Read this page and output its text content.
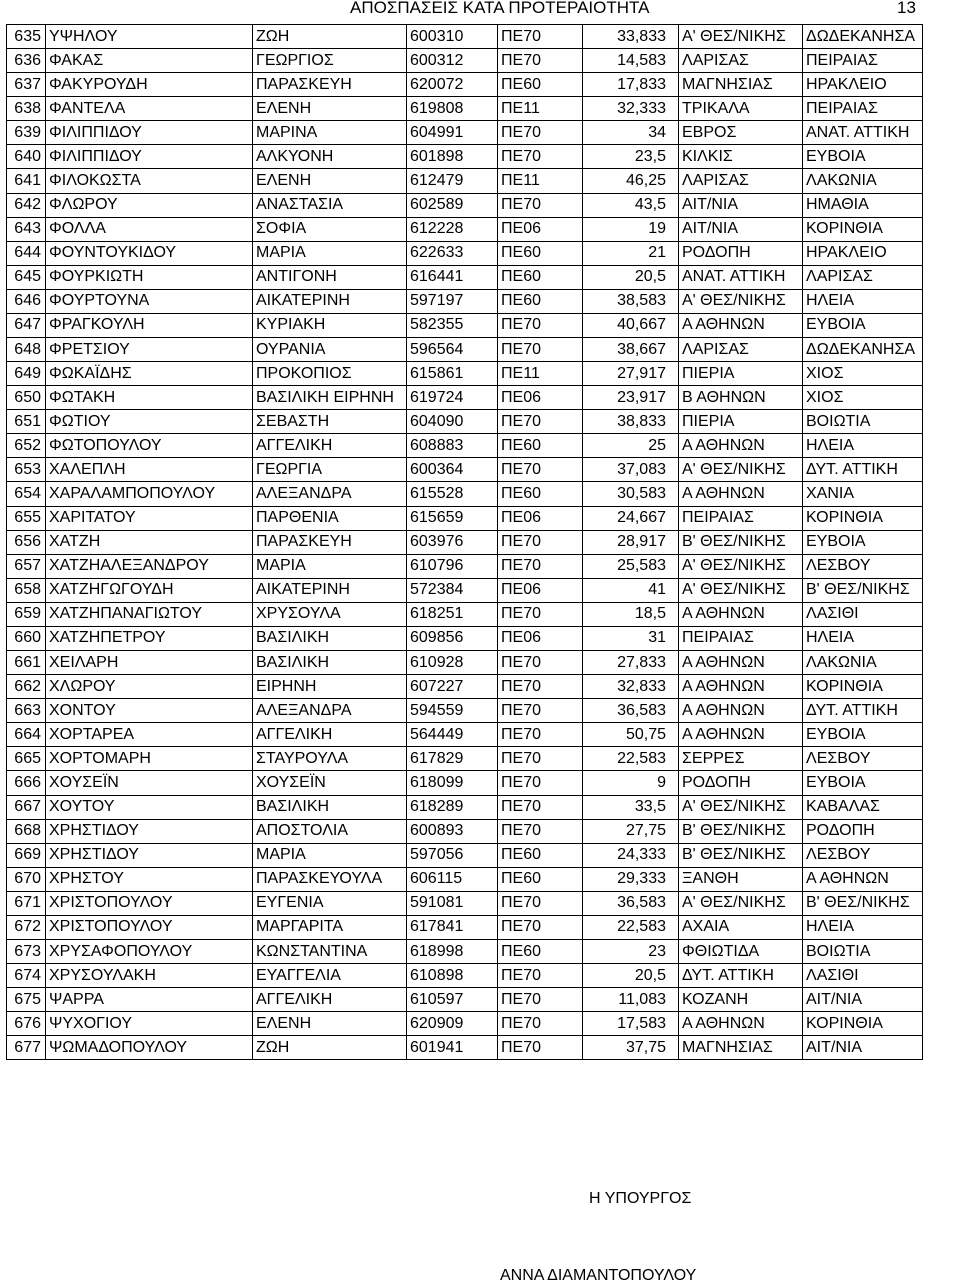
ΑΠΟΣΠΑΣΕΙΣ ΚΑΤΑ ΠΡΟΤΕΡΑΙΟΤΗΤΑ	13
635	ΥΨΗΛΟΥ	ΖΩΗ	600310	ΠΕ70	33,833	Α' ΘΕΣ/ΝΙΚΗΣ	ΔΩΔΕΚΑΝΗΣΑ
636	ΦΑΚΑΣ	ΓΕΩΡΓΙΟΣ	600312	ΠΕ70	14,583	ΛΑΡΙΣΑΣ	ΠΕΙΡΑΙΑΣ
637	ΦΑΚΥΡΟΥΔΗ	ΠΑΡΑΣΚΕΥΗ	620072	ΠΕ60	17,833	ΜΑΓΝΗΣΙΑΣ	ΗΡΑΚΛΕΙΟ
638	ΦΑΝΤΕΛΑ	ΕΛΕΝΗ	619808	ΠΕ11	32,333	ΤΡΙΚΑΛΑ	ΠΕΙΡΑΙΑΣ
639	ΦΙΛΙΠΠΙΔΟΥ	ΜΑΡΙΝΑ	604991	ΠΕ70	34	ΕΒΡΟΣ	ΑΝΑΤ. ΑΤΤΙΚΗ
640	ΦΙΛΙΠΠΙΔΟΥ	ΑΛΚΥΟΝΗ	601898	ΠΕ70	23,5	ΚΙΛΚΙΣ	ΕΥΒΟΙΑ
641	ΦΙΛΟΚΩΣΤΑ	ΕΛΕΝΗ	612479	ΠΕ11	46,25	ΛΑΡΙΣΑΣ	ΛΑΚΩΝΙΑ
642	ΦΛΩΡΟΥ	ΑΝΑΣΤΑΣΙΑ	602589	ΠΕ70	43,5	ΑΙΤ/ΝΙΑ	ΗΜΑΘΙΑ
643	ΦΟΛΛΑ	ΣΟΦΙΑ	612228	ΠΕ06	19	ΑΙΤ/ΝΙΑ	ΚΟΡΙΝΘΙΑ
644	ΦΟΥΝΤΟΥΚΙΔΟΥ	ΜΑΡΙΑ	622633	ΠΕ60	21	ΡΟΔΟΠΗ	ΗΡΑΚΛΕΙΟ
645	ΦΟΥΡΚΙΩΤΗ	ΑΝΤΙΓΟΝΗ	616441	ΠΕ60	20,5	ΑΝΑΤ. ΑΤΤΙΚΗ	ΛΑΡΙΣΑΣ
646	ΦΟΥΡΤΟΥΝΑ	ΑΙΚΑΤΕΡΙΝΗ	597197	ΠΕ60	38,583	Α' ΘΕΣ/ΝΙΚΗΣ	ΗΛΕΙΑ
647	ΦΡΑΓΚΟΥΛΗ	ΚΥΡΙΑΚΗ	582355	ΠΕ70	40,667	Α ΑΘΗΝΩΝ	ΕΥΒΟΙΑ
648	ΦΡΕΤΣΙΟΥ	ΟΥΡΑΝΙΑ	596564	ΠΕ70	38,667	ΛΑΡΙΣΑΣ	ΔΩΔΕΚΑΝΗΣΑ
649	ΦΩΚΑΪΔΗΣ	ΠΡΟΚΟΠΙΟΣ	615861	ΠΕ11	27,917	ΠΙΕΡΙΑ	ΧΙΟΣ
650	ΦΩΤΑΚΗ	ΒΑΣΙΛΙΚΗ ΕΙΡΗΝΗ	619724	ΠΕ06	23,917	Β ΑΘΗΝΩΝ	ΧΙΟΣ
651	ΦΩΤΙΟΥ	ΣΕΒΑΣΤΗ	604090	ΠΕ70	38,833	ΠΙΕΡΙΑ	ΒΟΙΩΤΙΑ
652	ΦΩΤΟΠΟΥΛΟΥ	ΑΓΓΕΛΙΚΗ	608883	ΠΕ60	25	Α ΑΘΗΝΩΝ	ΗΛΕΙΑ
653	ΧΑΛΕΠΛΗ	ΓΕΩΡΓΙΑ	600364	ΠΕ70	37,083	Α' ΘΕΣ/ΝΙΚΗΣ	ΔΥΤ. ΑΤΤΙΚΗ
654	ΧΑΡΑΛΑΜΠΟΠΟΥΛΟΥ	ΑΛΕΞΑΝΔΡΑ	615528	ΠΕ60	30,583	Α ΑΘΗΝΩΝ	ΧΑΝΙΑ
655	ΧΑΡΙΤΑΤΟΥ	ΠΑΡΘΕΝΙΑ	615659	ΠΕ06	24,667	ΠΕΙΡΑΙΑΣ	ΚΟΡΙΝΘΙΑ
656	ΧΑΤΖΗ	ΠΑΡΑΣΚΕΥΗ	603976	ΠΕ70	28,917	Β' ΘΕΣ/ΝΙΚΗΣ	ΕΥΒΟΙΑ
657	ΧΑΤΖΗΑΛΕΞΑΝΔΡΟΥ	ΜΑΡΙΑ	610796	ΠΕ70	25,583	Α' ΘΕΣ/ΝΙΚΗΣ	ΛΕΣΒΟΥ
658	ΧΑΤΖΗΓΩΓΟΥΔΗ	ΑΙΚΑΤΕΡΙΝΗ	572384	ΠΕ06	41	Α' ΘΕΣ/ΝΙΚΗΣ	Β' ΘΕΣ/ΝΙΚΗΣ
659	ΧΑΤΖΗΠΑΝΑΓΙΩΤΟΥ	ΧΡΥΣΟΥΛΑ	618251	ΠΕ70	18,5	Α ΑΘΗΝΩΝ	ΛΑΣΙΘΙ
660	ΧΑΤΖΗΠΕΤΡΟΥ	ΒΑΣΙΛΙΚΗ	609856	ΠΕ06	31	ΠΕΙΡΑΙΑΣ	ΗΛΕΙΑ
661	ΧΕΙΛΑΡΗ	ΒΑΣΙΛΙΚΗ	610928	ΠΕ70	27,833	Α ΑΘΗΝΩΝ	ΛΑΚΩΝΙΑ
662	ΧΛΩΡΟΥ	ΕΙΡΗΝΗ	607227	ΠΕ70	32,833	Α ΑΘΗΝΩΝ	ΚΟΡΙΝΘΙΑ
663	ΧΟΝΤΟΥ	ΑΛΕΞΑΝΔΡΑ	594559	ΠΕ70	36,583	Α ΑΘΗΝΩΝ	ΔΥΤ. ΑΤΤΙΚΗ
664	ΧΟΡΤΑΡΕΑ	ΑΓΓΕΛΙΚΗ	564449	ΠΕ70	50,75	Α ΑΘΗΝΩΝ	ΕΥΒΟΙΑ
665	ΧΟΡΤΟΜΑΡΗ	ΣΤΑΥΡΟΥΛΑ	617829	ΠΕ70	22,583	ΣΕΡΡΕΣ	ΛΕΣΒΟΥ
666	ΧΟΥΣΕΪΝ	ΧΟΥΣΕΪΝ	618099	ΠΕ70	9	ΡΟΔΟΠΗ	ΕΥΒΟΙΑ
667	ΧΟΥΤΟΥ	ΒΑΣΙΛΙΚΗ	618289	ΠΕ70	33,5	Α' ΘΕΣ/ΝΙΚΗΣ	ΚΑΒΑΛΑΣ
668	ΧΡΗΣΤΙΔΟΥ	ΑΠΟΣΤΟΛΙΑ	600893	ΠΕ70	27,75	Β' ΘΕΣ/ΝΙΚΗΣ	ΡΟΔΟΠΗ
669	ΧΡΗΣΤΙΔΟΥ	ΜΑΡΙΑ	597056	ΠΕ60	24,333	Β' ΘΕΣ/ΝΙΚΗΣ	ΛΕΣΒΟΥ
670	ΧΡΗΣΤΟΥ	ΠΑΡΑΣΚΕΥΟΥΛΑ	606115	ΠΕ60	29,333	ΞΑΝΘΗ	Α ΑΘΗΝΩΝ
671	ΧΡΙΣΤΟΠΟΥΛΟΥ	ΕΥΓΕΝΙΑ	591081	ΠΕ70	36,583	Α' ΘΕΣ/ΝΙΚΗΣ	Β' ΘΕΣ/ΝΙΚΗΣ
672	ΧΡΙΣΤΟΠΟΥΛΟΥ	ΜΑΡΓΑΡΙΤΑ	617841	ΠΕ70	22,583	ΑΧΑΙΑ	ΗΛΕΙΑ
673	ΧΡΥΣΑΦΟΠΟΥΛΟΥ	ΚΩΝΣΤΑΝΤΙΝΑ	618998	ΠΕ60	23	ΦΘΙΩΤΙΔΑ	ΒΟΙΩΤΙΑ
674	ΧΡΥΣΟΥΛΑΚΗ	ΕΥΑΓΓΕΛΙΑ	610898	ΠΕ70	20,5	ΔΥΤ. ΑΤΤΙΚΗ	ΛΑΣΙΘΙ
675	ΨΑΡΡΑ	ΑΓΓΕΛΙΚΗ	610597	ΠΕ70	11,083	ΚΟΖΑΝΗ	ΑΙΤ/ΝΙΑ
676	ΨΥΧΟΓΙΟΥ	ΕΛΕΝΗ	620909	ΠΕ70	17,583	Α ΑΘΗΝΩΝ	ΚΟΡΙΝΘΙΑ
677	ΨΩΜΑΔΟΠΟΥΛΟΥ	ΖΩΗ	601941	ΠΕ70	37,75	ΜΑΓΝΗΣΙΑΣ	ΑΙΤ/ΝΙΑ
Η ΥΠΟΥΡΓΟΣ
ΑΝΝΑ ΔΙΑΜΑΝΤΟΠΟΥΛΟΥ
